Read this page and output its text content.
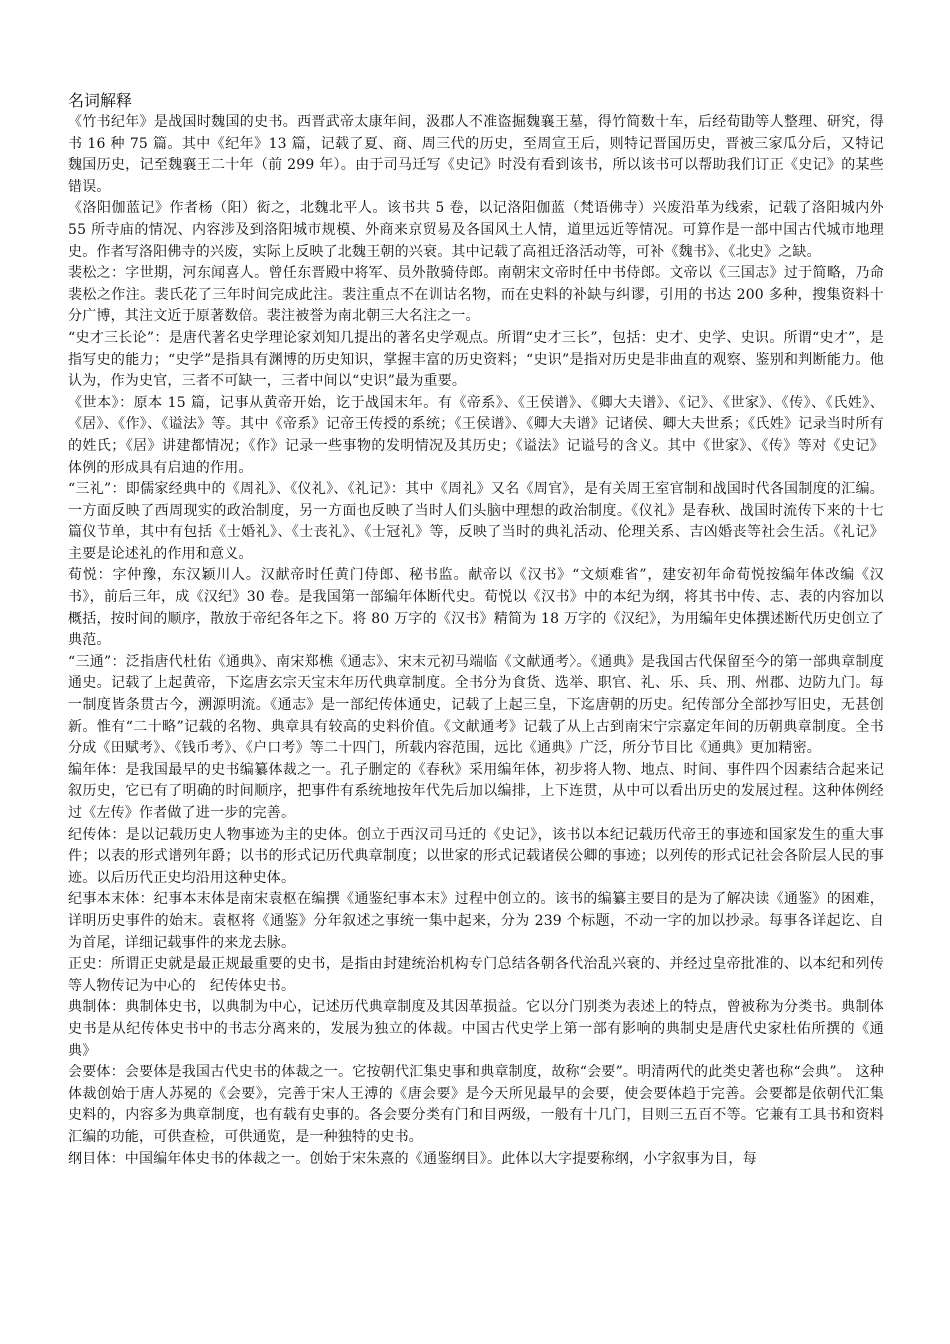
名词解释

《竹书纪年》是战国时魏国的史书。西晋武帝太康年间，汲郡人不准盗掘魏襄王墓，得竹简数十车，后经荀勖等人整理、研究，得书 16 种 75 篇。其中《纪年》13 篇，记载了夏、商、周三代的历史，至周宣王后，则特记晋国历史，晋被三家瓜分后，又特记魏国历史，记至魏襄王二十年（前 299 年）。由于司马迁写《史记》时没有看到该书，所以该书可以帮助我们订正《史记》的某些错误。

《洛阳伽蓝记》作者杨（阳）衒之，北魏北平人。该书共 5 卷，以记洛阳伽蓝（梵语佛寺）兴废沿革为线索，记载了洛阳城内外 55 所寺庙的情况、内容涉及到洛阳城市规模、外商来京贸易及各国风土人情，道里远近等情况。可算作是一部中国古代城市地理史。作者写洛阳佛寺的兴废，实际上反映了北魏王朝的兴衰。其中记载了高祖迁洛活动等，可补《魏书》、《北史》之缺。

裴松之：字世期，河东闻喜人。曾任东晋殿中将军、员外散骑侍郎。南朝宋文帝时任中书侍郎。文帝以《三国志》过于简略，乃命裴松之作注。裴氏花了三年时间完成此注。裴注重点不在训诂名物，而在史料的补缺与纠谬，引用的书达 200 多种，搜集资料十分广博，其注文近于原著数倍。裴注被誉为南北朝三大名注之一。

“史才三长论”：是唐代著名史学理论家刘知几提出的著名史学观点。所谓“史才三长”，包括：史才、史学、史识。所谓“史才”，是指写史的能力；“史学”是指具有渊博的历史知识，掌握丰富的历史资料；“史识”是指对历史是非曲直的观察、鉴别和判断能力。他认为，作为史官，三者不可缺一，三者中间以“史识”最为重要。

《世本》：原本 15 篇，记事从黄帝开始，讫于战国末年。有《帝系》、《王侯谱》、《卿大夫谱》、《记》、《世家》、《传》、《氏姓》、《居》、《作》、《谥法》等。其中《帝系》记帝王传授的系统；《王侯谱》、《卿大夫谱》记诸侯、卿大夫世系；《氏姓》记录当时所有的姓氏；《居》讲建都情况；《作》记录一些事物的发明情况及其历史；《谥法》记谥号的含义。其中《世家》、《传》等对《史记》体例的形成具有启迪的作用。

“三礼”：即儒家经典中的《周礼》、《仪礼》、《礼记》：其中《周礼》又名《周官》，是有关周王室官制和战国时代各国制度的汇编。一方面反映了西周现实的政治制度，另一方面也反映了当时人们头脑中理想的政治制度。《仪礼》是春秋、战国时流传下来的十七篇仪节单，其中有包括《士婚礼》、《士丧礼》、《士冠礼》等，反映了当时的典礼活动、伦理关系、吉凶婚丧等社会生活。《礼记》主要是论述礼的作用和意义。

荀悦：字仲豫，东汉颖川人。汉献帝时任黄门侍郎、秘书监。献帝以《汉书》“文烦难省”，建安初年命荀悦按编年体改编《汉书》，前后三年，成《汉纪》30 卷。是我国第一部编年体断代史。荀悦以《汉书》中的本纪为纲，将其书中传、志、表的内容加以概括，按时间的顺序，散放于帝纪各年之下。将 80 万字的《汉书》精简为 18 万字的《汉纪》，为用编年史体撰述断代历史创立了典范。

“三通”：泛指唐代杜佑《通典》、南宋郑樵《通志》、宋末元初马端临《文献通考〉。《通典》是我国古代保留至今的第一部典章制度通史。记载了上起黄帝，下迄唐玄宗天宝末年历代典章制度。全书分为食货、选举、职官、礼、乐、兵、刑、州郡、边防九门。每一制度皆条贯古今，溯源明流。《通志》是一部纪传体通史，记载了上起三皇，下迄唐朝的历史。纪传部分全部抄写旧史，无甚创新。惟有“二十略”记载的名物、典章具有较高的史料价值。《文献通考》记载了从上古到南宋宁宗嘉定年间的历朝典章制度。全书分成《田赋考》、《钱币考》、《户口考》等二十四门，所载内容范围，远比《通典》广泛，所分节目比《通典》更加精密。

编年体：是我国最早的史书编纂体裁之一。孔子删定的《春秋》采用编年体，初步将人物、地点、时间、事件四个因素结合起来记叙历史，它已有了明确的时间顺序，把事件有系统地按年代先后加以编排，上下连贯，从中可以看出历史的发展过程。这种体例经过《左传》作者做了进一步的完善。

纪传体：是以记载历史人物事迹为主的史体。创立于西汉司马迁的《史记》，该书以本纪记载历代帝王的事迹和国家发生的重大事件；以表的形式谱列年爵；以书的形式记历代典章制度；以世家的形式记载诸侯公卿的事迹；以列传的形式记社会各阶层人民的事迹。以后历代正史均沿用这种史体。

纪事本末体：纪事本末体是南宋袁枢在编撰《通鉴纪事本末》过程中创立的。该书的编纂主要目的是为了解决读《通鉴》的困难，详明历史事件的始末。袁枢将《通鉴》分年叙述之事统一集中起来，分为 239 个标题，不动一字的加以抄录。每事各详起讫、自为首尾，详细记载事件的来龙去脉。

正史：所谓正史就是最正规最重要的史书，是指由封建统治机构专门总结各朝各代治乱兴衰的、并经过皇帝批准的、以本纪和列传等人物传记为中心的　纪传体史书。

典制体：典制体史书，以典制为中心，记述历代典章制度及其因革损益。它以分门别类为表述上的特点，曾被称为分类书。典制体史书是从纪传体史书中的书志分离来的，发展为独立的体裁。中国古代史学上第一部有影响的典制史是唐代史家杜佑所撰的《通典》

会要体：会要体是我国古代史书的体裁之一。它按朝代汇集史事和典章制度，故称“会要”。明清两代的此类史著也称“会典”。 这种体裁创始于唐人苏冕的《会要》，完善于宋人王溥的《唐会要》是今天所见最早的会要，使会要体趋于完善。会要都是依朝代汇集史料的，内容多为典章制度，也有载有史事的。各会要分类有门和目两级，一般有十几门，目则三五百不等。它兼有工具书和资料汇编的功能，可供查检，可供通览，是一种独特的史书。

纲目体：中国编年体史书的体裁之一。创始于宋朱熹的《通鉴纲目》。此体以大字提要称纲，小字叙事为目，每
